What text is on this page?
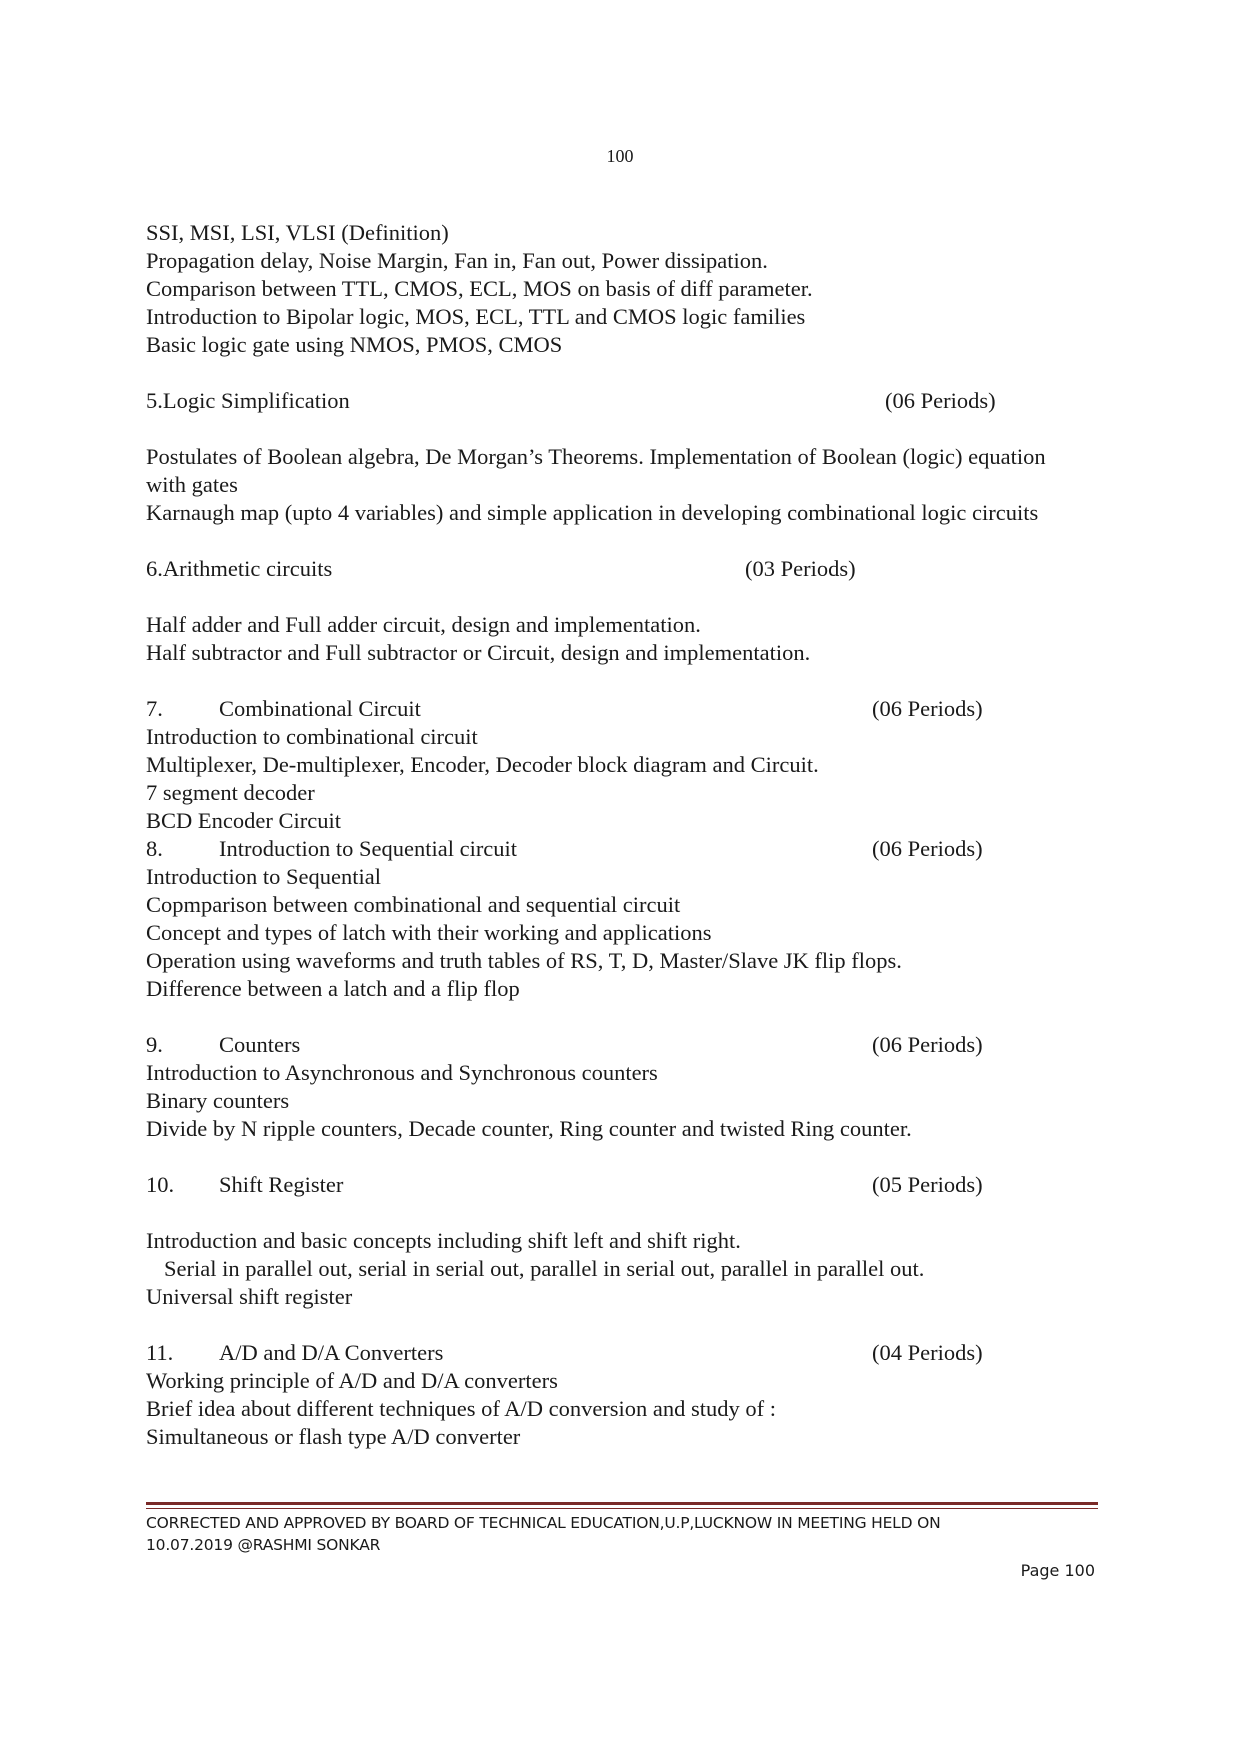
100
SSI, MSI, LSI, VLSI (Definition)
Propagation delay, Noise Margin, Fan in, Fan out, Power dissipation.
Comparison between TTL, CMOS, ECL, MOS on basis of diff parameter.
Introduction to Bipolar logic, MOS, ECL, TTL and CMOS logic families
Basic logic gate using NMOS, PMOS, CMOS
5.Logic Simplification	(06 Periods)
Postulates of Boolean algebra, De Morgan’s Theorems. Implementation of Boolean (logic) equation with gates
Karnaugh map (upto 4 variables) and simple application in developing combinational logic circuits
6.Arithmetic circuits	(03 Periods)
Half adder and Full adder circuit, design and implementation.
Half subtractor and Full subtractor or Circuit, design and implementation.
7. Combinational Circuit	(06 Periods)
Introduction to combinational circuit
Multiplexer, De-multiplexer, Encoder, Decoder block diagram and Circuit.
7 segment decoder
BCD Encoder Circuit
8. Introduction to Sequential circuit	(06 Periods)
Introduction to Sequential
Copmparison between combinational and sequential circuit
Concept and types of latch with their working and applications
Operation using waveforms and truth tables of RS, T, D, Master/Slave JK flip flops.
Difference between a latch and a flip flop
9. Counters	(06 Periods)
Introduction to Asynchronous and Synchronous counters
Binary counters
Divide by N ripple counters, Decade counter, Ring counter and twisted Ring counter.
10. Shift Register	(05 Periods)
Introduction and basic concepts including shift left and shift right.
Serial in parallel out, serial in serial out, parallel in serial out, parallel in parallel out.
Universal shift register
11. A/D and D/A Converters	(04 Periods)
Working principle of A/D and D/A converters
Brief idea about different techniques of A/D conversion and study of :
Simultaneous or flash type A/D converter
CORRECTED AND APPROVED BY BOARD OF TECHNICAL EDUCATION,U.P,LUCKNOW IN MEETING HELD ON
10.07.2019 @RASHMI SONKAR
Page 100
